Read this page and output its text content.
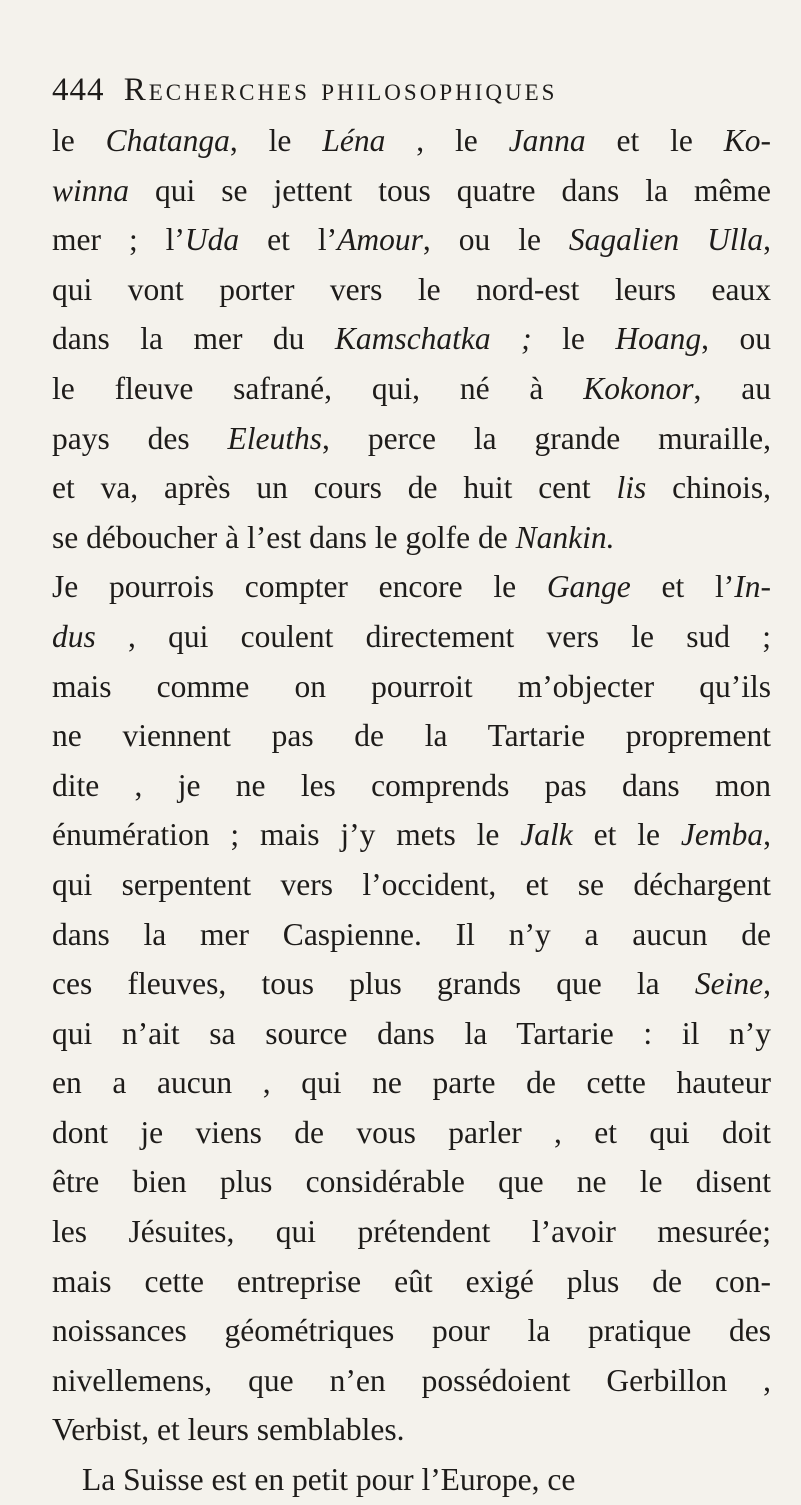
444 Recherches philosophiques
le Chatanga, le Léna , le Janna et le Ko-
winna qui se jettent tous quatre dans la même
mer ; l’Uda et l’Amour, ou le Sagalien Ulla,
qui vont porter vers le nord-est leurs eaux
dans la mer du Kamschatka ; le Hoang, ou
le fleuve safrané, qui, né à Kokonor, au
pays des Eleuths, perce la grande muraille,
et va, après un cours de huit cent lis chinois,
se déboucher à l’est dans le golfe de Nankin.
Je pourrois compter encore le Gange et l’In-
dus , qui coulent directement vers le sud ;
mais comme on pourroit m’objecter qu’ils
ne viennent pas de la Tartarie proprement
dite , je ne les comprends pas dans mon
énumération ; mais j’y mets le Jalk et le Jemba,
qui serpentent vers l’occident, et se déchargent
dans la mer Caspienne. Il n’y a aucun de
ces fleuves, tous plus grands que la Seine,
qui n’ait sa source dans la Tartarie : il n’y
en a aucun , qui ne parte de cette hauteur
dont je viens de vous parler , et qui doit
être bien plus considérable que ne le disent
les Jésuites, qui prétendent l’avoir mesurée;
mais cette entreprise eût exigé plus de con-
noissances géométriques pour la pratique des
nivellemens, que n’en possédoient Gerbillon ,
Verbist, et leurs semblables.
La Suisse est en petit pour l’Europe, ce
